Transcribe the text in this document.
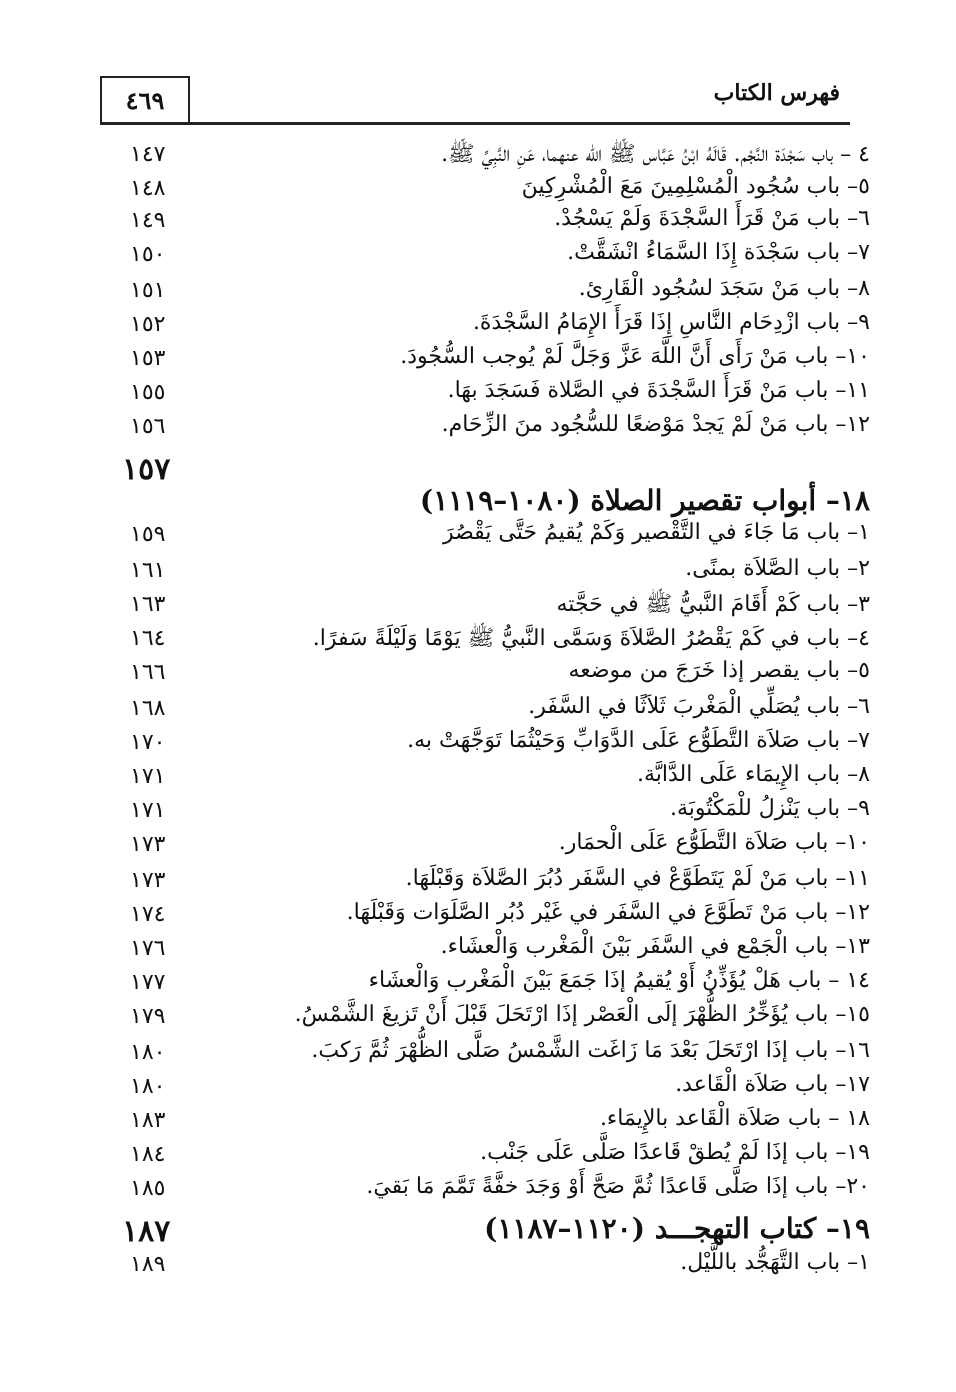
٤٦٩	فهرس الكتاب
١٤٧	٤ – باب سَجْدَة النَّجْم. قَالَهُ ابْنُ عَبَّاس ﷺ الله عنهما، عَنِ النَّبِيِّ ﷺ.
١٤٨	٥– باب سُجُود الْمُسْلِمِينَ مَعَ الْمُشْرِكِينَ
١٤٩	٦– باب مَنْ قَرَأَ السَّجْدَةَ وَلَمْ يَسْجُدْ.
١٥٠	٧– باب سَجْدَة إِذَا السَّمَاءُ انْشَقَّتْ.
١٥١	٨– باب مَنْ سَجَدَ لسُجُود الْقَارِئ.
١٥٢	٩– باب ازْدِحَام النَّاسِ إِذَا قَرَأَ الإِمَامُ السَّجْدَةَ.
١٥٣	١٠– باب مَنْ رَأَى أَنَّ اللَّهَ عَزَّ وَجَلَّ لَمْ يُوجب السُّجُودَ.
١٥٥	١١– باب مَنْ قَرَأَ السَّجْدَةَ في الصَّلاة فَسَجَدَ بهَا.
١٥٦	١٢– باب مَنْ لَمْ يَجدْ مَوْضعًا للسُّجُود منَ الزِّحَام.
١٥٧
١٨– أبواب تقصير الصلاة (١٠٨٠–١١١٩)
١٥٩	١– باب مَا جَاءَ في التَّقْصير وَكَمْ يُقيمُ حَتَّى يَقْصُرَ
١٦١	٢– باب الصَّلاَة بمنًى.
١٦٣	٣– باب كَمْ أَقَامَ النَّبيُّ ﷺ في حَجَّته
١٦٤	٤– باب في كَمْ يَقْصُرُ الصَّلاَةَ وَسَمَّى النَّبيُّ ﷺ يَوْمًا وَلَيْلَةً سَفرًا.
١٦٦	٥– باب يقصر إذا خَرَجَ من موضعه
١٦٨	٦– باب يُصَلِّي الْمَغْربَ ثَلاَثًا في السَّفَر.
١٧٠	٧– باب صَلاَة التَّطَوُّع عَلَى الدَّوَابِّ وَحَيْثُمَا تَوَجَّهَتْ به.
١٧١	٨– باب الإِيمَاء عَلَى الدَّابَّة.
١٧١	٩– باب يَنْزلُ للْمَكْتُوبَة.
١٧٣	١٠– باب صَلاَة التَّطَوُّع عَلَى الْحمَار.
١٧٣	١١– باب مَنْ لَمْ يَتَطَوَّعْ في السَّفَر دُبُرَ الصَّلاَة وَقَبْلَهَا.
١٧٤	١٢– باب مَنْ تَطَوَّعَ في السَّفَر في غَيْر دُبُر الصَّلَوَات وَقَبْلَهَا.
١٧٦	١٣– باب الْجَمْع في السَّفَر بَيْنَ الْمَغْرب وَالْعشَاء.
١٧٧	١٤ – باب هَلْ يُؤَذِّنُ أَوْ يُقيمُ إذَا جَمَعَ بَيْنَ الْمَغْرب وَالْعشَاء
١٧٩	١٥– باب يُؤَخِّرُ الظُّهْرَ إلَى الْعَصْر إذَا ارْتَحَلَ قَبْلَ أَنْ تَزيغَ الشَّمْسُ.
١٨٠	١٦– باب إذَا ارْتَحَلَ بَعْدَ مَا زَاغَت الشَّمْسُ صَلَّى الظُّهْرَ ثُمَّ رَكبَ.
١٨٠	١٧– باب صَلاَة الْقَاعد.
١٨٣	١٨ – باب صَلاَة الْقَاعد بالإِيمَاء.
١٨٤	١٩– باب إذَا لَمْ يُطقْ قَاعدًا صَلَّى عَلَى جَنْب.
١٨٥	٢٠– باب إذَا صَلَّى قَاعدًا ثُمَّ صَحَّ أَوْ وَجَدَ خفَّةً تَمَّمَ مَا بَقيَ.
١٨٧	١٩– كتاب التهجـــد (١١٢٠–١١٨٧)
١٨٩	١– باب التَّهَجُّد باللَّيْل.
